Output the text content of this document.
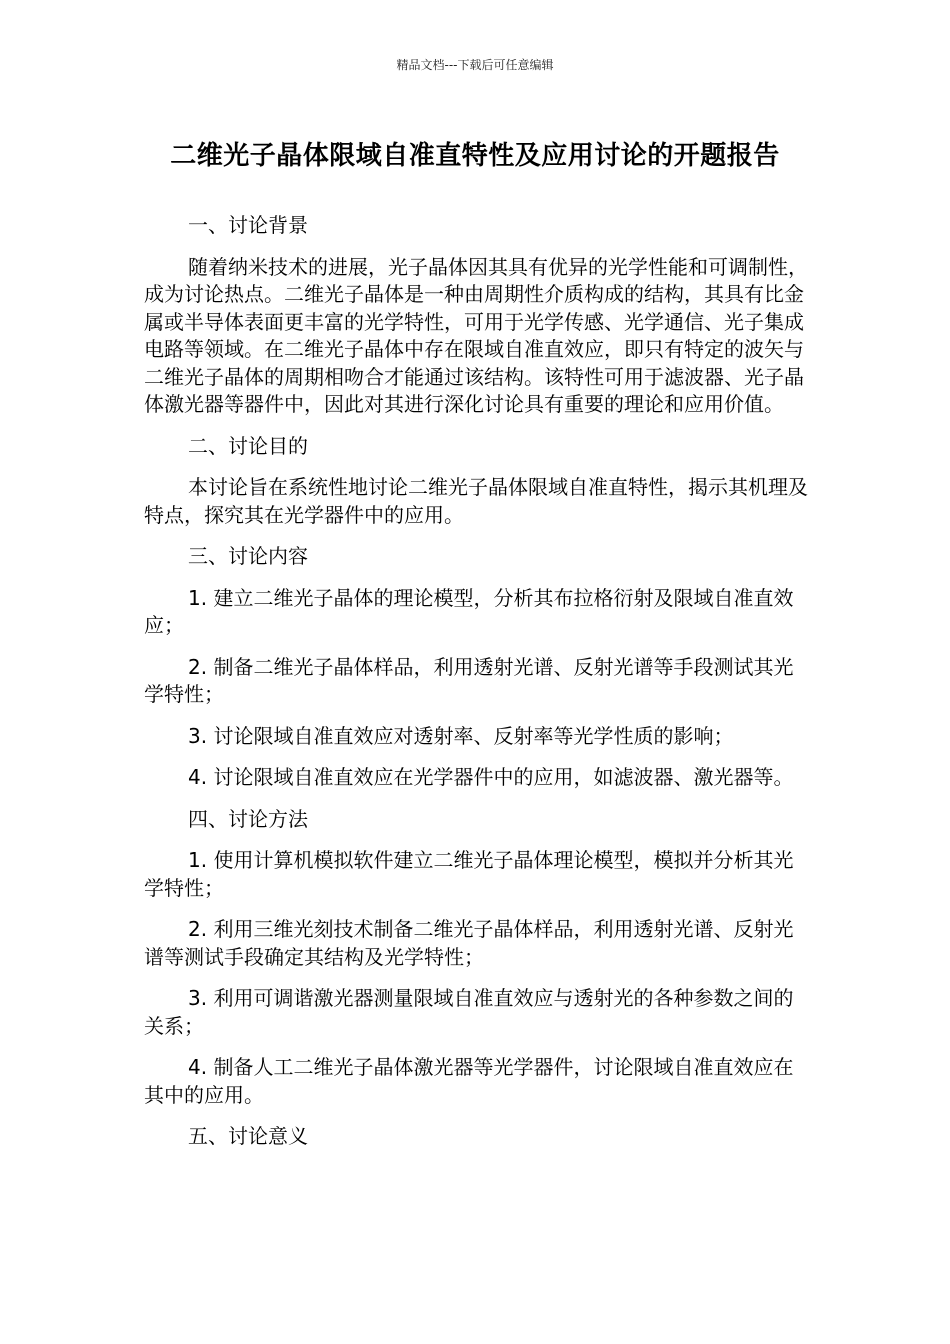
精品文档---下载后可任意编辑
二维光子晶体限域自准直特性及应用讨论的开题报告

一、讨论背景

随着纳米技术的进展，光子晶体因其具有优异的光学性能和可调制性，成为讨论热点。二维光子晶体是一种由周期性介质构成的结构，其具有比金属或半导体表面更丰富的光学特性，可用于光学传感、光学通信、光子集成电路等领域。在二维光子晶体中存在限域自准直效应，即只有特定的波矢与二维光子晶体的周期相吻合才能通过该结构。该特性可用于滤波器、光子晶体激光器等器件中，因此对其进行深化讨论具有重要的理论和应用价值。

二、讨论目的

本讨论旨在系统性地讨论二维光子晶体限域自准直特性，揭示其机理及特点，探究其在光学器件中的应用。

三、讨论内容

1. 建立二维光子晶体的理论模型，分析其布拉格衍射及限域自准直效应；

2. 制备二维光子晶体样品，利用透射光谱、反射光谱等手段测试其光学特性；

3. 讨论限域自准直效应对透射率、反射率等光学性质的影响；

4. 讨论限域自准直效应在光学器件中的应用，如滤波器、激光器等。

四、讨论方法

1. 使用计算机模拟软件建立二维光子晶体理论模型，模拟并分析其光学特性；

2. 利用三维光刻技术制备二维光子晶体样品，利用透射光谱、反射光谱等测试手段确定其结构及光学特性；

3. 利用可调谐激光器测量限域自准直效应与透射光的各种参数之间的关系；

4. 制备人工二维光子晶体激光器等光学器件，讨论限域自准直效应在其中的应用。

五、讨论意义
